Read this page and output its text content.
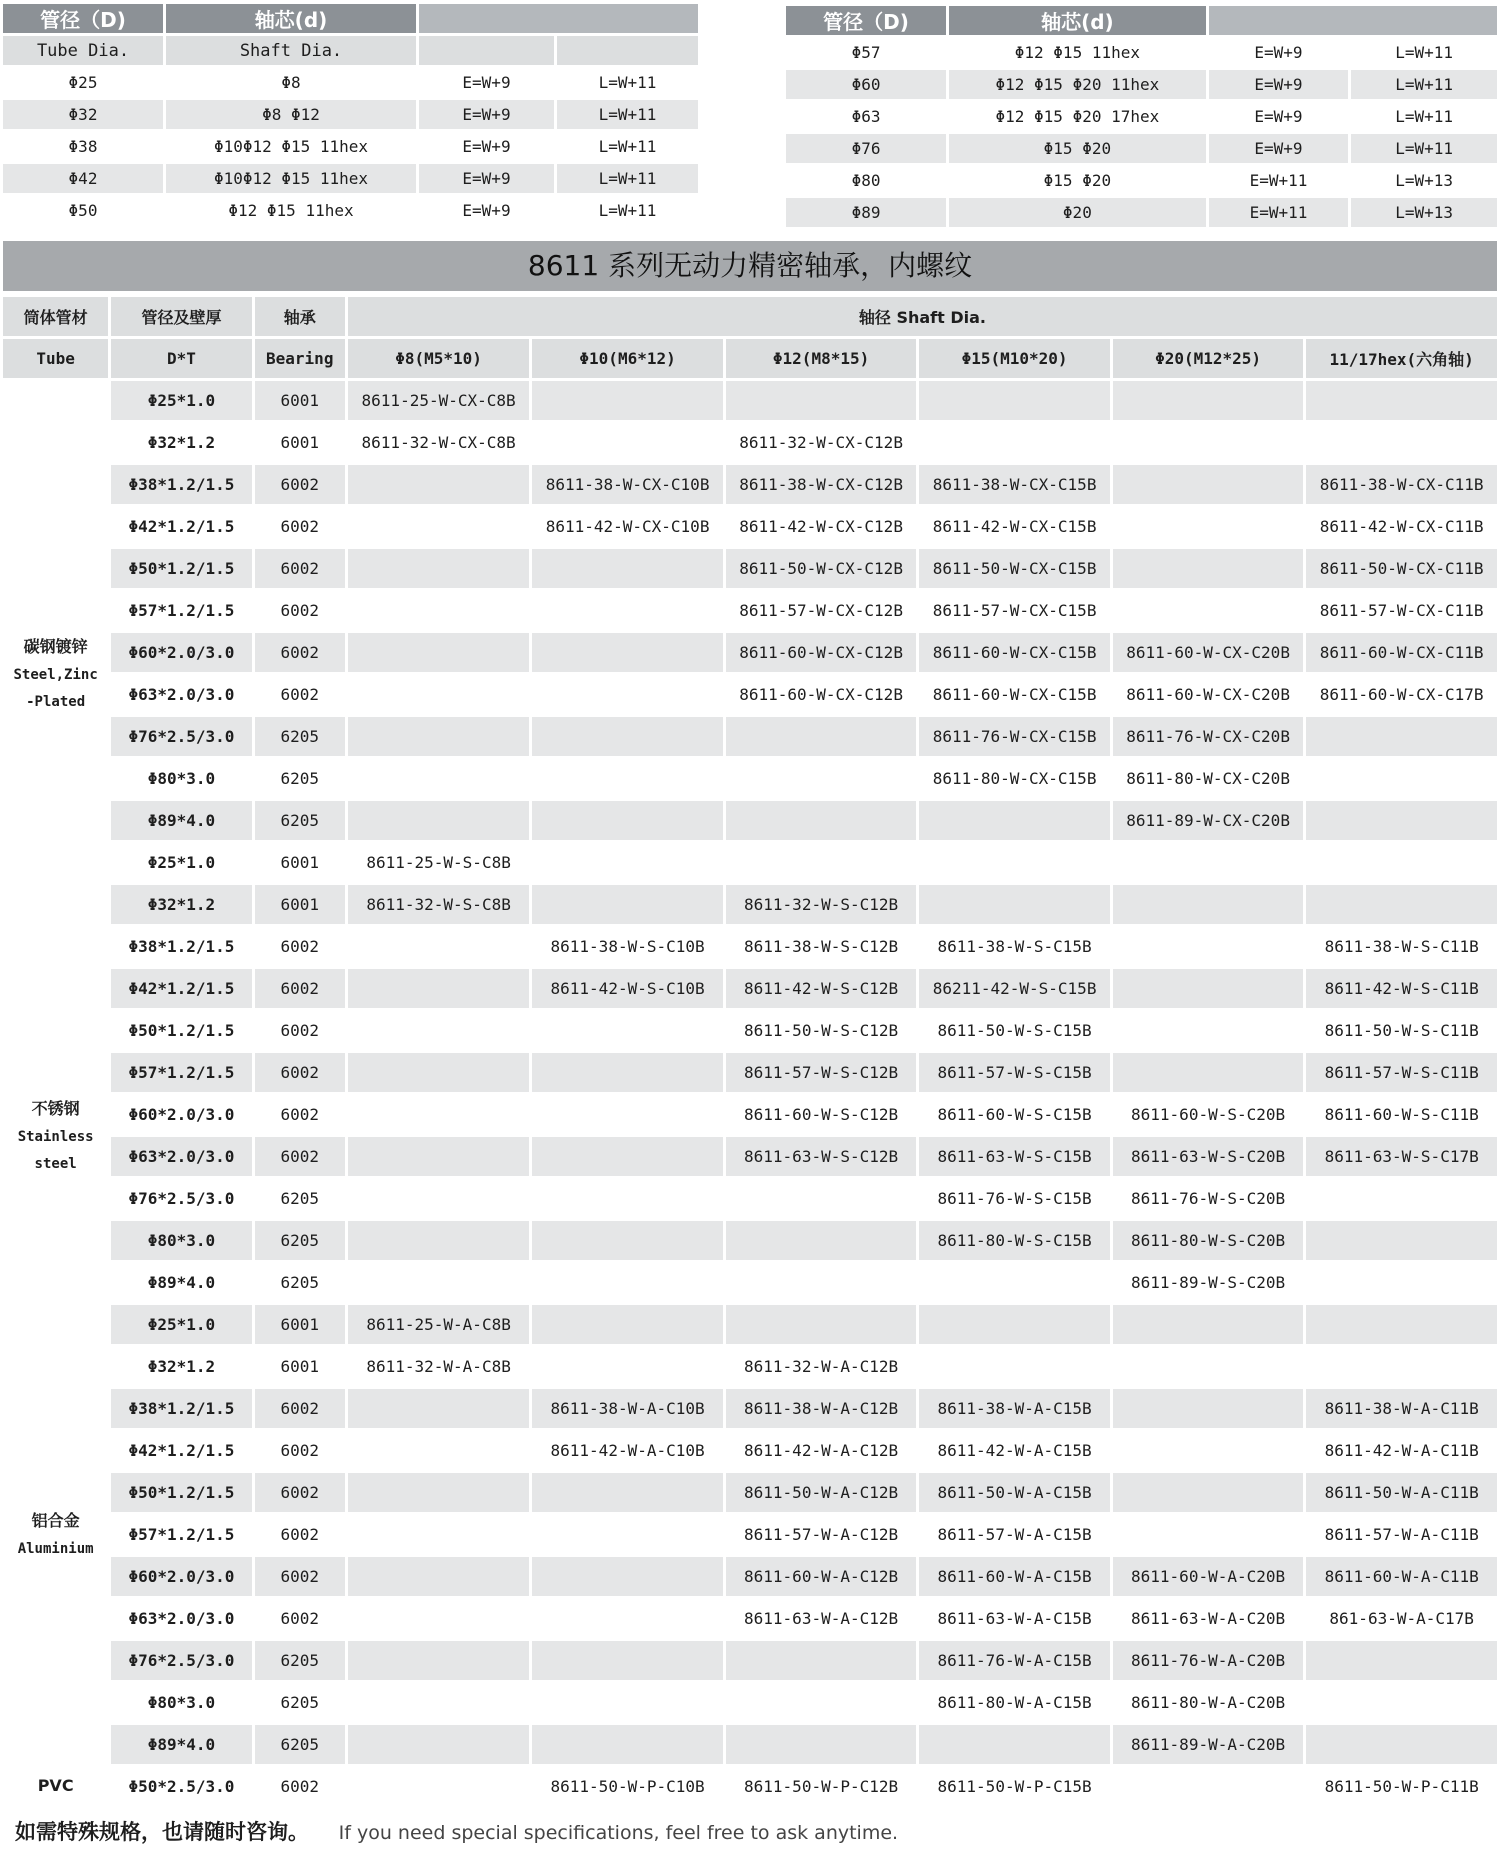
管径（D)	轴芯(d)		
Tube Dia.	Shaft Dia.		
Φ25	Φ8	E=W+9	L=W+11
Φ32	Φ8 Φ12	E=W+9	L=W+11
Φ38	Φ10Φ12 Φ15 11hex	E=W+9	L=W+11
Φ42	Φ10Φ12 Φ15 11hex	E=W+9	L=W+11
Φ50	Φ12 Φ15 11hex	E=W+9	L=W+11
管径（D)	轴芯(d)		
Φ57	Φ12 Φ15 11hex	E=W+9	L=W+11
Φ60	Φ12 Φ15 Φ20 11hex	E=W+9	L=W+11
Φ63	Φ12 Φ15 Φ20 17hex	E=W+9	L=W+11
Φ76	Φ15 Φ20	E=W+9	L=W+11
Φ80	Φ15 Φ20	E=W+11	L=W+13
Φ89	Φ20	E=W+11	L=W+13
8611 系列无动力精密轴承，内螺纹
筒体管材	管径及壁厚	轴承	轴径 Shaft Dia.					
Tube	D*T	Bearing	Φ8(M5*10)	Φ10(M6*12)	Φ12(M8*15)	Φ15(M10*20)	Φ20(M12*25)	11/17hex(六角轴)

碳钢镀锌
Steel,Zinc
-Plated	Φ25*1.0	6001	8611-25-W-CX-C8B					
	Φ32*1.2	6001	8611-32-W-CX-C8B		8611-32-W-CX-C12B			
	Φ38*1.2/1.5	6002		8611-38-W-CX-C10B	8611-38-W-CX-C12B	8611-38-W-CX-C15B		8611-38-W-CX-C11B
	Φ42*1.2/1.5	6002		8611-42-W-CX-C10B	8611-42-W-CX-C12B	8611-42-W-CX-C15B		8611-42-W-CX-C11B
	Φ50*1.2/1.5	6002			8611-50-W-CX-C12B	8611-50-W-CX-C15B		8611-50-W-CX-C11B
	Φ57*1.2/1.5	6002			8611-57-W-CX-C12B	8611-57-W-CX-C15B		8611-57-W-CX-C11B
	Φ60*2.0/3.0	6002			8611-60-W-CX-C12B	8611-60-W-CX-C15B	8611-60-W-CX-C20B	8611-60-W-CX-C11B
	Φ63*2.0/3.0	6002			8611-60-W-CX-C12B	8611-60-W-CX-C15B	8611-60-W-CX-C20B	8611-60-W-CX-C17B
	Φ76*2.5/3.0	6205				8611-76-W-CX-C15B	8611-76-W-CX-C20B	
	Φ80*3.0	6205				8611-80-W-CX-C15B	8611-80-W-CX-C20B	
	Φ89*4.0	6205					8611-89-W-CX-C20B	
	Φ25*1.0	6001	8611-25-W-S-C8B					
	Φ32*1.2	6001	8611-32-W-S-C8B		8611-32-W-S-C12B			
	Φ38*1.2/1.5	6002		8611-38-W-S-C10B	8611-38-W-S-C12B	8611-38-W-S-C15B		8611-38-W-S-C11B

不锈钢
Stainless
steel	Φ42*1.2/1.5	6002		8611-42-W-S-C10B	8611-42-W-S-C12B	86211-42-W-S-C15B		8611-42-W-S-C11B
	Φ50*1.2/1.5	6002			8611-50-W-S-C12B	8611-50-W-S-C15B		8611-50-W-S-C11B
	Φ57*1.2/1.5	6002			8611-57-W-S-C12B	8611-57-W-S-C15B		8611-57-W-S-C11B
	Φ60*2.0/3.0	6002			8611-60-W-S-C12B	8611-60-W-S-C15B	8611-60-W-S-C20B	8611-60-W-S-C11B
	Φ63*2.0/3.0	6002			8611-63-W-S-C12B	8611-63-W-S-C15B	8611-63-W-S-C20B	8611-63-W-S-C17B
	Φ76*2.5/3.0	6205				8611-76-W-S-C15B	8611-76-W-S-C20B	
	Φ80*3.0	6205				8611-80-W-S-C15B	8611-80-W-S-C20B	
	Φ89*4.0	6205					8611-89-W-S-C20B	

铝合金
Aluminium	Φ25*1.0	6001	8611-25-W-A-C8B					
	Φ32*1.2	6001	8611-32-W-A-C8B		8611-32-W-A-C12B			
	Φ38*1.2/1.5	6002		8611-38-W-A-C10B	8611-38-W-A-C12B	8611-38-W-A-C15B		8611-38-W-A-C11B
	Φ42*1.2/1.5	6002		8611-42-W-A-C10B	8611-42-W-A-C12B	8611-42-W-A-C15B		8611-42-W-A-C11B
	Φ50*1.2/1.5	6002			8611-50-W-A-C12B	8611-50-W-A-C15B		8611-50-W-A-C11B
	Φ57*1.2/1.5	6002			8611-57-W-A-C12B	8611-57-W-A-C15B		8611-57-W-A-C11B
	Φ60*2.0/3.0	6002			8611-60-W-A-C12B	8611-60-W-A-C15B	8611-60-W-A-C20B	8611-60-W-A-C11B
	Φ63*2.0/3.0	6002			8611-63-W-A-C12B	8611-63-W-A-C15B	8611-63-W-A-C20B	861-63-W-A-C17B
	Φ76*2.5/3.0	6205				8611-76-W-A-C15B	8611-76-W-A-C20B	
	Φ80*3.0	6205				8611-80-W-A-C15B	8611-80-W-A-C20B	
	Φ89*4.0	6205					8611-89-W-A-C20B	

PVC	Φ50*2.5/3.0	6002		8611-50-W-P-C10B	8611-50-W-P-C12B	8611-50-W-P-C15B		8611-50-W-P-C11B
如需特殊规格，也请随时咨询。 If you need special specifications, feel free to ask anytime.
